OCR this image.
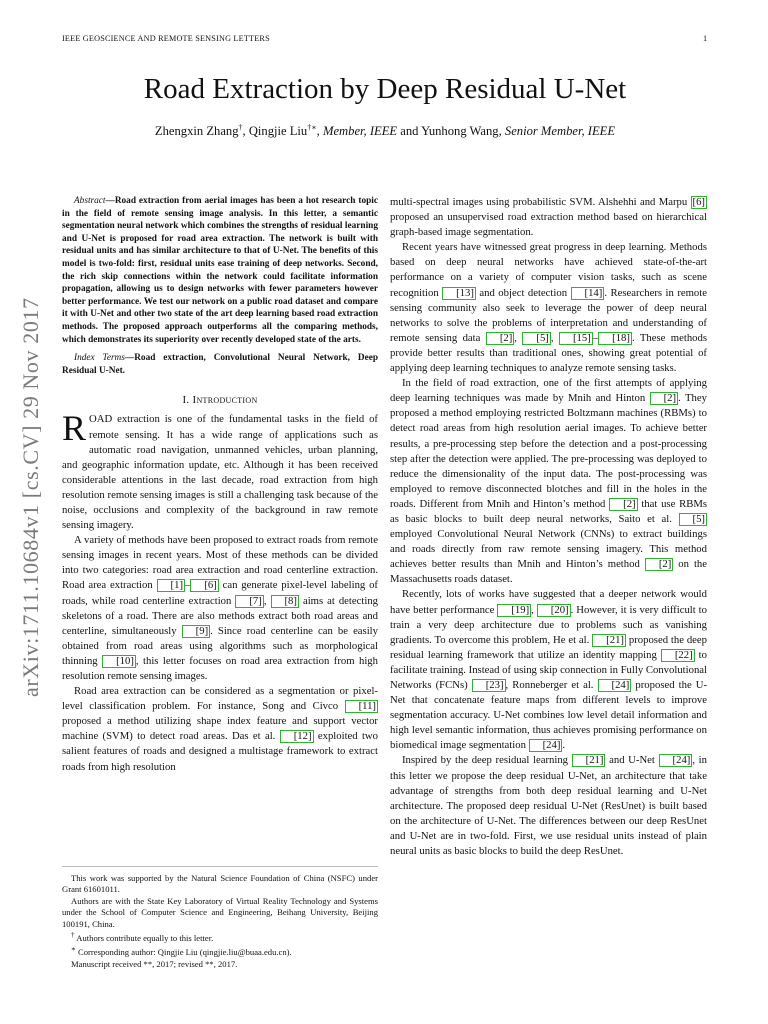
IEEE GEOSCIENCE AND REMOTE SENSING LETTERS	1
Road Extraction by Deep Residual U-Net
Zhengxin Zhang†, Qingjie Liu†∗, Member, IEEE and Yunhong Wang, Senior Member, IEEE
arXiv:1711.10684v1 [cs.CV] 29 Nov 2017

Abstract—Road extraction from aerial images has been a hot research topic in the field of remote sensing image analysis. In this letter, a semantic segmentation neural network which combines the strengths of residual learning and U-Net is proposed for road area extraction. The network is built with residual units and has similar architecture to that of U-Net. The benefits of this model is two-fold: first, residual units ease training of deep networks. Second, the rich skip connections within the network could facilitate information propagation, allowing us to design networks with fewer parameters however better performance. We test our network on a public road dataset and compare it with U-Net and other two state of the art deep learning based road extraction methods. The proposed approach outperforms all the comparing methods, which demonstrates its superiority over recently developed state of the arts.

Index Terms—Road extraction, Convolutional Neural Network, Deep Residual U-Net.

I. Introduction

ROAD extraction is one of the fundamental tasks in the field of remote sensing. It has a wide range of applications such as automatic road navigation, unmanned vehicles, urban planning, and geographic information update, etc. Although it has been received considerable attentions in the last decade, road extraction from high resolution remote sensing images is still a challenging task because of the noise, occlusions and complexity of the background in raw remote sensing imagery.

A variety of methods have been proposed to extract roads from remote sensing images in recent years. Most of these methods can be divided into two categories: road area extraction and road centerline extraction. Road area extraction [1] – [6] can generate pixel-level labeling of roads, while road centerline extraction [7] , [8] aims at detecting skeletons of a road. There are also methods extract both road areas and centerline, simultaneously [9] . Since road centerline can be easily obtained from road areas using algorithms such as morphological thinning [10] , this letter focuses on road area extraction from high resolution remote sensing images.

Road area extraction can be considered as a segmentation or pixel-level classification problem. For instance, Song and Civco [11] proposed a method utilizing shape index feature and support vector machine (SVM) to detect road areas. Das et al. [12] exploited two salient features of roads and designed a multistage framework to extract roads from high resolution

This work was supported by the Natural Science Foundation of China (NSFC) under Grant 61601011.

Authors are with the State Key Laboratory of Virtual Reality Technology and Systems under the School of Computer Science and Engineering, Beihang University, Beijing 100191, China.

† Authors contribute equally to this letter.

∗ Corresponding author: Qingjie Liu (qingjie.liu@buaa.edu.cn).

Manuscript received **, 2017; revised **, 2017.

multi-spectral images using probabilistic SVM. Alshehhi and Marpu [6] proposed an unsupervised road extraction method based on hierarchical graph-based image segmentation.

Recent years have witnessed great progress in deep learning. Methods based on deep neural networks have achieved state-of-the-art performance on a variety of computer vision tasks, such as scene recognition [13] and object detection [14] . Researchers in remote sensing community also seek to leverage the power of deep neural networks to solve the problems of interpretation and understanding of remote sensing data [2] , [5] , [15] – [18] . These methods provide better results than traditional ones, showing great potential of applying deep learning techniques to analyze remote sensing tasks.

In the field of road extraction, one of the first attempts of applying deep learning techniques was made by Mnih and Hinton [2] . They proposed a method employing restricted Boltzmann machines (RBMs) to detect road areas from high resolution aerial images. To achieve better results, a pre-processing step before the detection and a post-processing step after the detection were applied. The pre-processing was deployed to reduce the dimensionality of the input data. The post-processing was employed to remove disconnected blotches and fill in the holes in the roads. Different from Mnih and Hinton’s method [2] that use RBMs as basic blocks to built deep neural networks, Saito et al. [5] employed Convolutional Neural Network (CNNs) to extract buildings and roads directly from raw remote sensing imagery. This method achieves better results than Mnih and Hinton’s method [2] on the Massachusetts roads dataset.

Recently, lots of works have suggested that a deeper network would have better performance [19] , [20] . However, it is very difficult to train a very deep architecture due to problems such as vanishing gradients. To overcome this problem, He et al. [21] proposed the deep residual learning framework that utilize an identity mapping [22] to facilitate training. Instead of using skip connection in Fully Convolutional Networks (FCNs) [23] , Ronneberger et al. [24] proposed the U-Net that concatenate feature maps from different levels to improve segmentation accuracy. U-Net combines low level detail information and high level semantic information, thus achieves promising performance on biomedical image segmentation [24] .

Inspired by the deep residual learning [21] and U-Net [24] , in this letter we propose the deep residual U-Net, an architecture that take advantage of strengths from both deep residual learning and U-Net architecture. The proposed deep residual U-Net (ResUnet) is built based on the architecture of U-Net. The differences between our deep ResUnet and U-Net are in two-fold. First, we use residual units instead of plain neural units as basic blocks to build the deep ResUnet.
